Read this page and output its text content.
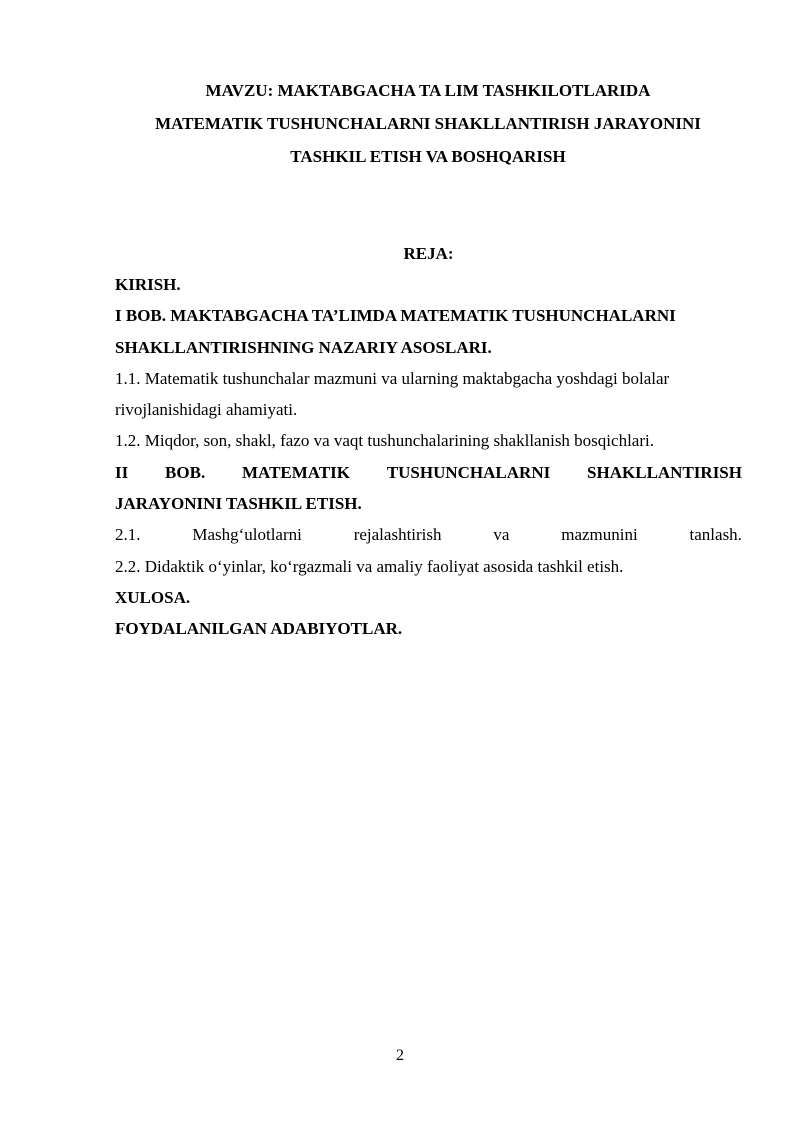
MAVZU: MAKTABGACHA TA LIM TASHKILOTLARIDA
MATEMATIK TUSHUNCHALARNI SHAKLLANTIRISH JARAYONINI
TASHKIL ETISH VA BOSHQARISH
REJA:

KIRISH.

I BOB. MAKTABGACHA TA’LIMDA MATEMATIK TUSHUNCHALARNI

SHAKLLANTIRISHNING NAZARIY ASOSLARI.

1.1. Matematik tushunchalar mazmuni va ularning maktabgacha yoshdagi bolalar

rivojlanishidagi ahamiyati.

1.2. Miqdor, son, shakl, fazo va vaqt tushunchalarining shakllanish bosqichlari.

II BOB. MATEMATIK TUSHUNCHALARNI SHAKLLANTIRISH

JARAYONINI TASHKIL ETISH.

2.1.	Mashg‘ulotlarni	rejalashtirish	va	mazmunini	tanlash.

2.2. Didaktik o‘yinlar, ko‘rgazmali va amaliy faoliyat asosida tashkil etish.

XULOSA.

FOYDALANILGAN ADABIYOTLAR.

2
